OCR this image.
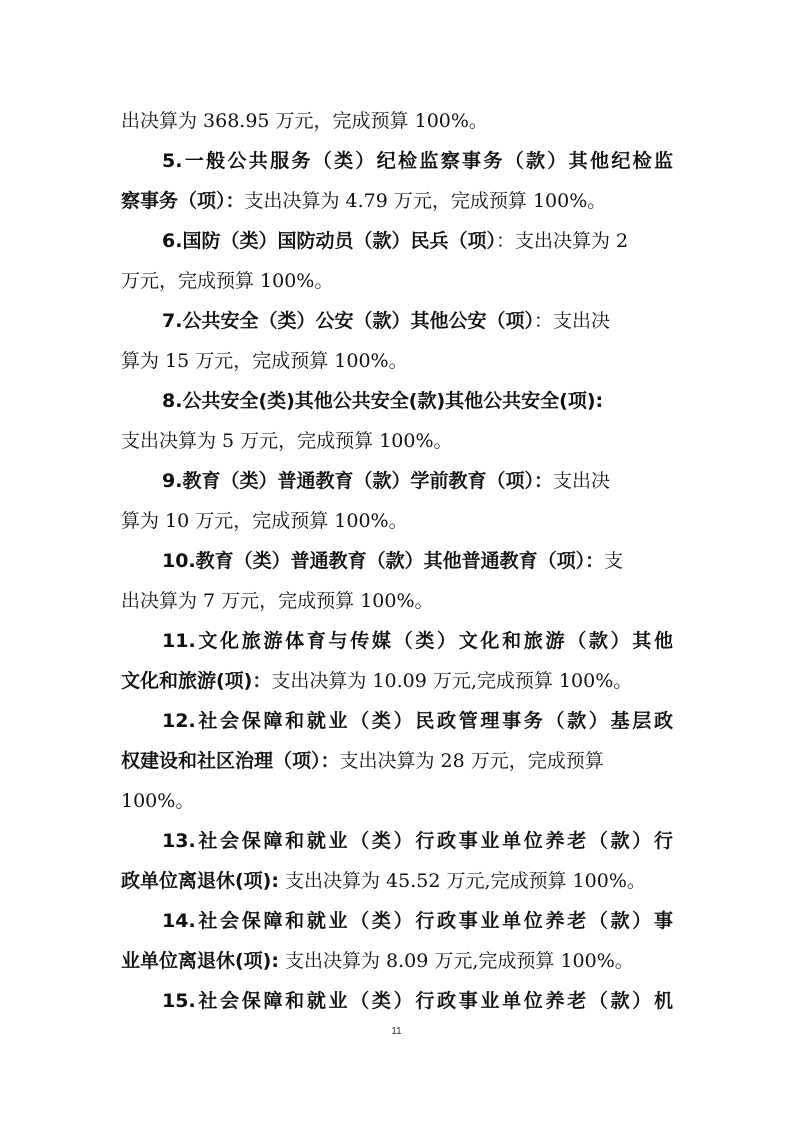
出决算为 368.95 万元，完成预算 100%。
5.一般公共服务（类）纪检监察事务（款）其他纪检监
察事务（项）：支出决算为 4.79 万元，完成预算 100%。
6.国防（类）国防动员（款）民兵（项）：支出决算为 2
万元，完成预算 100%。
7.公共安全（类）公安（款）其他公安（项）：支出决
算为 15 万元，完成预算 100%。
8.公共安全(类)其他公共安全(款)其他公共安全(项):
支出决算为 5 万元，完成预算 100%。
9.教育（类）普通教育（款）学前教育（项）：支出决
算为 10 万元，完成预算 100%。
10.教育（类）普通教育（款）其他普通教育（项）：支
出决算为 7 万元，完成预算 100%。
11.文化旅游体育与传媒（类）文化和旅游（款）其他
文化和旅游(项)：支出决算为 10.09 万元,完成预算 100%。
12.社会保障和就业（类）民政管理事务（款）基层政
权建设和社区治理（项）：支出决算为 28 万元，完成预算
100%。
13.社会保障和就业（类）行政事业单位养老（款）行
政单位离退休(项): 支出决算为 45.52 万元,完成预算 100%。
14.社会保障和就业（类）行政事业单位养老（款）事
业单位离退休(项): 支出决算为 8.09 万元,完成预算 100%。
15.社会保障和就业（类）行政事业单位养老（款）机
11
